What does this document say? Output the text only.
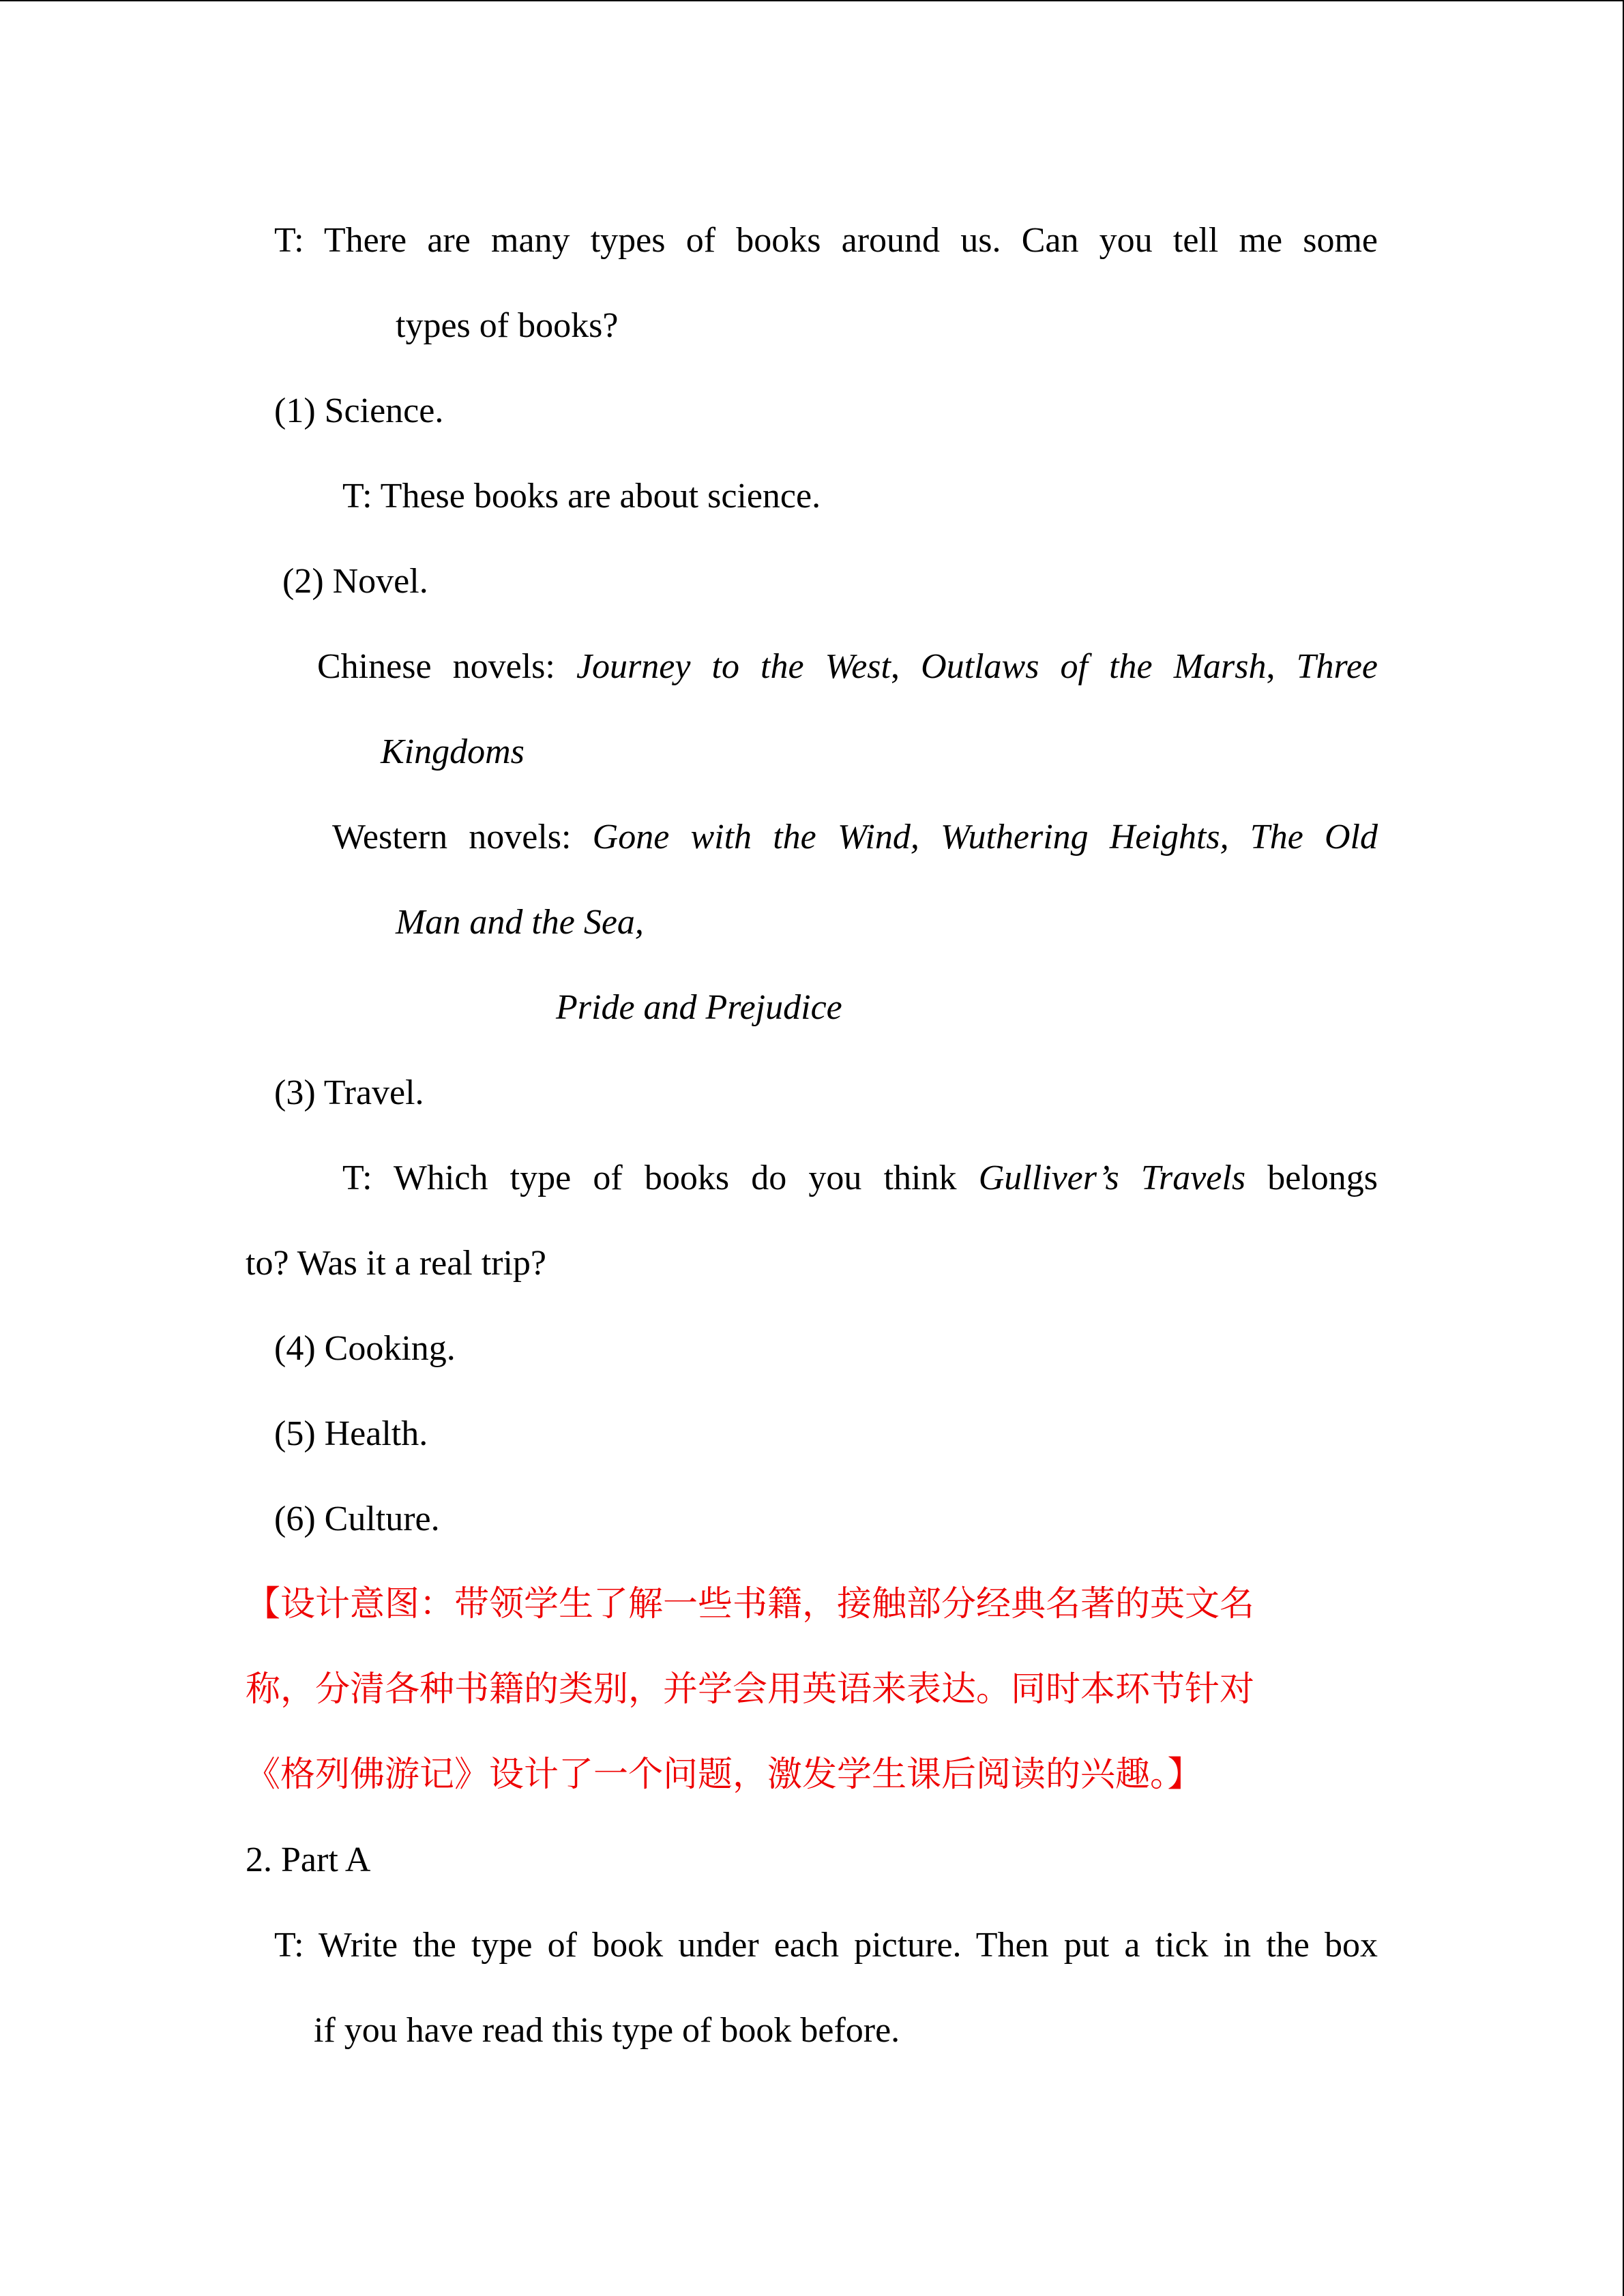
T: There are many types of books around us. Can you tell me some
types of books?
(1) Science.
T: These books are about science.
(2) Novel.
Chinese novels: Journey to the West, Outlaws of the Marsh, Three
Kingdoms
Western novels: Gone with the Wind, Wuthering Heights, The Old
Man and the Sea,
Pride and Prejudice
(3) Travel.
T: Which type of books do you think Gulliver’s Travels belongs
to? Was it a real trip?
(4) Cooking.
(5) Health.
(6) Culture.
【设计意图：带领学生了解一些书籍，接触部分经典名著的英文名
称，分清各种书籍的类别，并学会用英语来表达。同时本环节针对
《格列佛游记》设计了一个问题，激发学生课后阅读的兴趣。】
2. Part A
T: Write the type of book under each picture. Then put a tick in the box
if you have read this type of book before.
